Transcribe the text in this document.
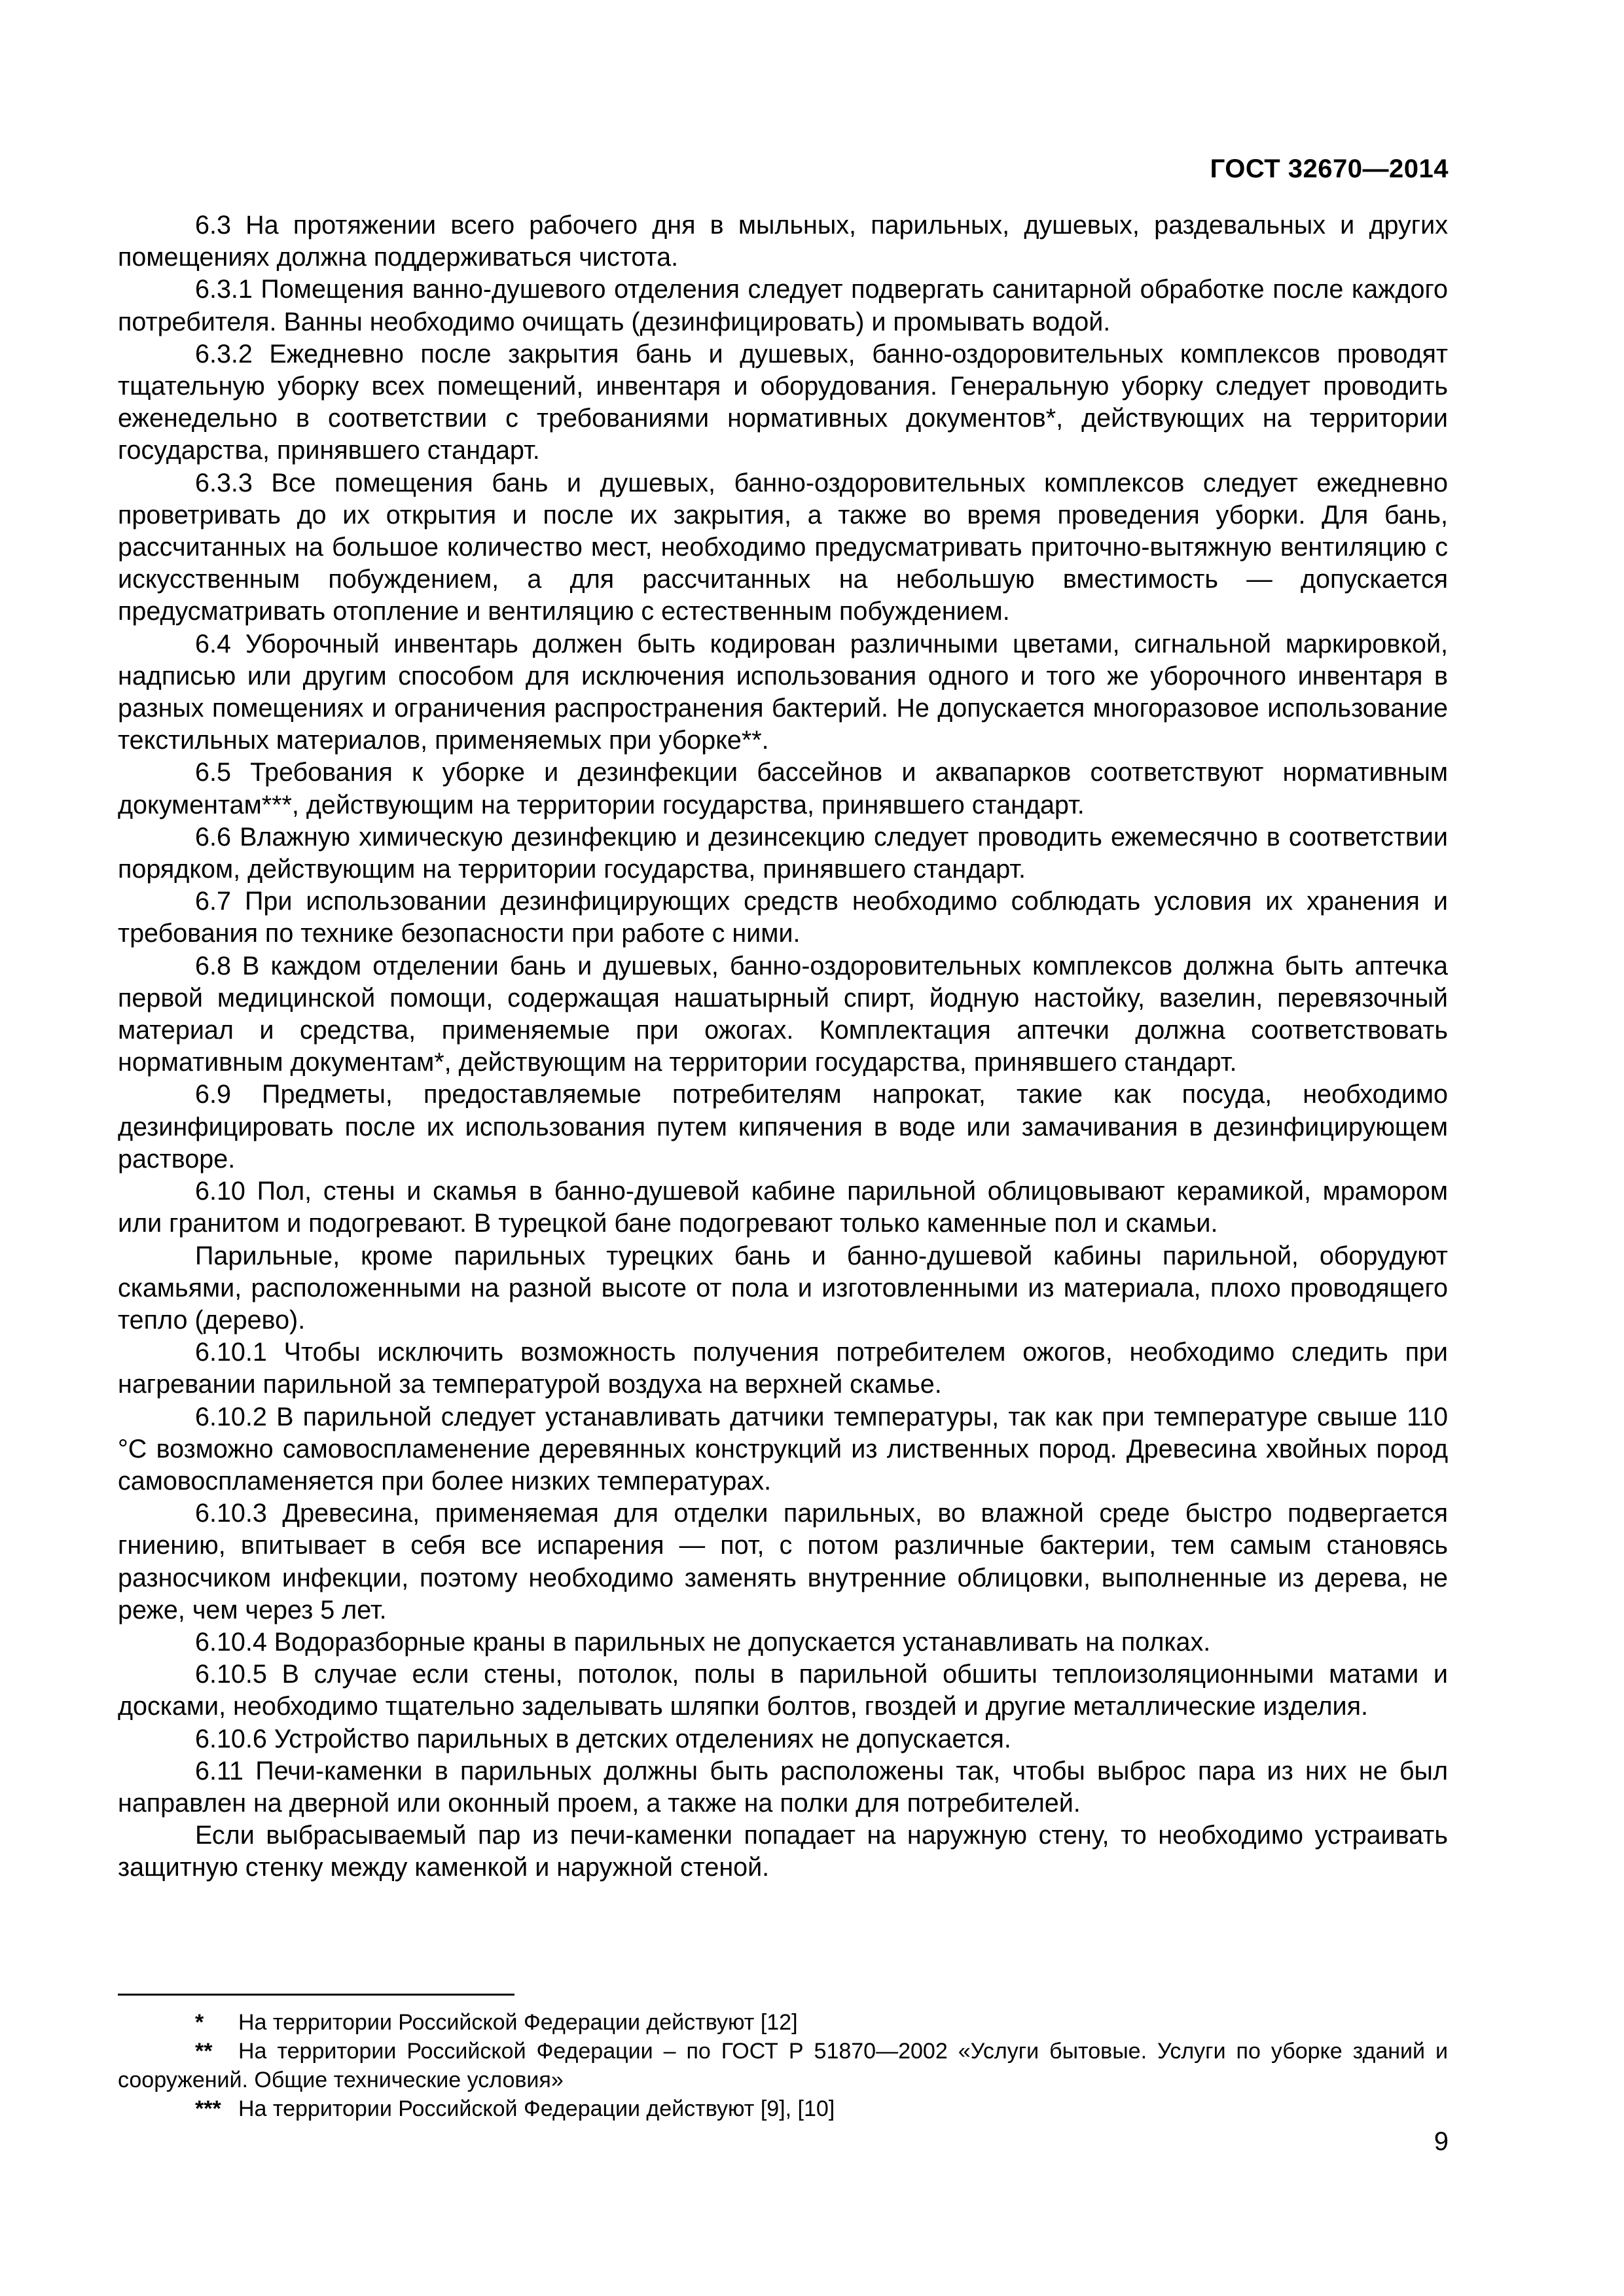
ГОСТ 32670—2014

6.3 На протяжении всего рабочего дня в мыльных, парильных, душевых, раздевальных и других помещениях должна поддерживаться чистота.

6.3.1 Помещения ванно-душевого отделения следует подвергать санитарной обработке после каждого потребителя. Ванны необходимо очищать (дезинфицировать) и промывать водой.

6.3.2 Ежедневно после закрытия бань и душевых, банно-оздоровительных комплексов проводят тщательную уборку всех помещений, инвентаря и оборудования. Генеральную уборку следует проводить еженедельно в соответствии с требованиями нормативных документов*, действующих на территории государства, принявшего стандарт.

6.3.3 Все помещения бань и душевых, банно-оздоровительных комплексов следует ежедневно проветривать до их открытия и после их закрытия, а также во время проведения уборки. Для бань, рассчитанных на большое количество мест, необходимо предусматривать приточно-вытяжную вентиляцию с искусственным побуждением, а для рассчитанных на небольшую вместимость — допускается предусматривать отопление и вентиляцию с естественным побуждением.

6.4 Уборочный инвентарь должен быть кодирован различными цветами, сигнальной маркировкой, надписью или другим способом для исключения использования одного и того же уборочного инвентаря в разных помещениях и ограничения распространения бактерий. Не допускается многоразовое использование текстильных материалов, применяемых при уборке**.

6.5 Требования к уборке и дезинфекции бассейнов и аквапарков соответствуют нормативным документам***, действующим на территории государства, принявшего стандарт.

6.6 Влажную химическую дезинфекцию и дезинсекцию следует проводить ежемесячно в соответствии порядком, действующим на территории государства, принявшего стандарт.

6.7 При использовании дезинфицирующих средств необходимо соблюдать условия их хранения и требования по технике безопасности при работе с ними.

6.8 В каждом отделении бань и душевых, банно-оздоровительных комплексов должна быть аптечка первой медицинской помощи, содержащая нашатырный спирт, йодную настойку, вазелин, перевязочный материал и средства, применяемые при ожогах. Комплектация аптечки должна соответствовать нормативным документам*, действующим на территории государства, принявшего стандарт.

6.9 Предметы, предоставляемые потребителям напрокат, такие как посуда, необходимо дезинфицировать после их использования путем кипячения в воде или замачивания в дезинфицирующем растворе.

6.10 Пол, стены и скамья в банно-душевой кабине парильной облицовывают керамикой, мрамором или гранитом и подогревают. В турецкой бане подогревают только каменные пол и скамьи.

Парильные, кроме парильных турецких бань и банно-душевой кабины парильной, оборудуют скамьями, расположенными на разной высоте от пола и изготовленными из материала, плохо проводящего тепло (дерево).

6.10.1 Чтобы исключить возможность получения потребителем ожогов, необходимо следить при нагревании парильной за температурой воздуха на верхней скамье.

6.10.2 В парильной следует устанавливать датчики температуры, так как при температуре свыше 110 °С возможно самовоспламенение деревянных конструкций из лиственных пород. Древесина хвойных пород самовоспламеняется при более низких температурах.

6.10.3 Древесина, применяемая для отделки парильных, во влажной среде быстро подвергается гниению, впитывает в себя все испарения — пот, с потом различные бактерии, тем самым становясь разносчиком инфекции, поэтому необходимо заменять внутренние облицовки, выполненные из дерева, не реже, чем через 5 лет.

6.10.4 Водоразборные краны в парильных не допускается устанавливать на полках.

6.10.5 В случае если стены, потолок, полы в парильной обшиты теплоизоляционными матами и досками, необходимо тщательно заделывать шляпки болтов, гвоздей и другие металлические изделия.

6.10.6 Устройство парильных в детских отделениях не допускается.

6.11 Печи-каменки в парильных должны быть расположены так, чтобы выброс пара из них не был направлен на дверной или оконный проем, а также на полки для потребителей.

Если выбрасываемый пар из печи-каменки попадает на наружную стену, то необходимо устраивать защитную стенку между каменкой и наружной стеной.

* На территории Российской Федерации действуют [12]

** На территории Российской Федерации – по ГОСТ Р 51870—2002 «Услуги бытовые. Услуги по уборке зданий и сооружений. Общие технические условия»

*** На территории Российской Федерации действуют [9], [10]

9
